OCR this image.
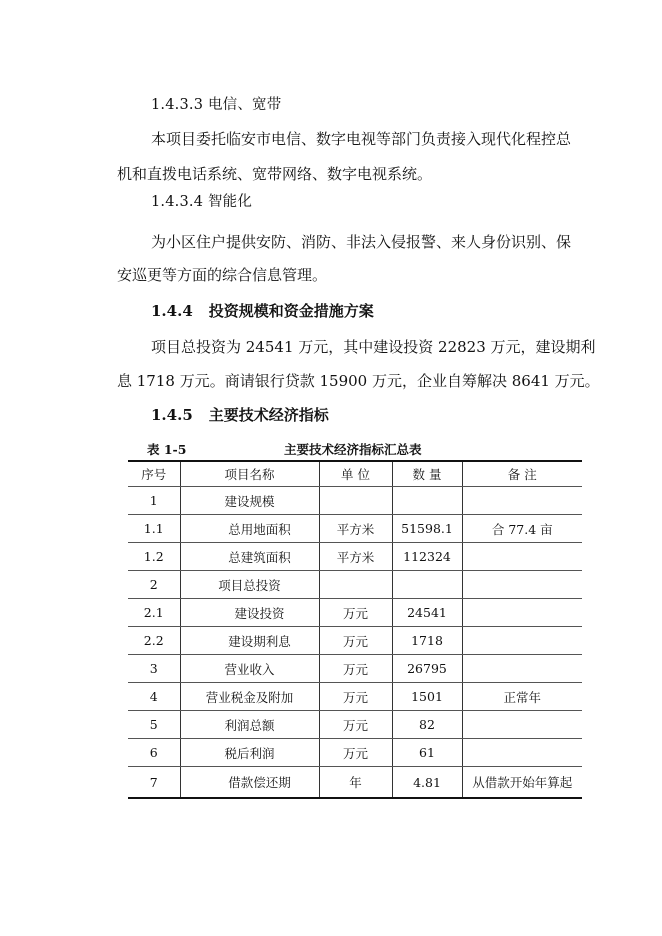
1.4.3.3 电信、宽带
本项目委托临安市电信、数字电视等部门负责接入现代化程控总
机和直拨电话系统、宽带网络、数字电视系统。
1.4.3.4 智能化
为小区住户提供安防、消防、非法入侵报警、来人身份识别、保
安巡更等方面的综合信息管理。
1.4.4 投资规模和资金措施方案
项目总投资为 24541 万元，其中建设投资 22823 万元，建设期利
息 1718 万元。商请银行贷款 15900 万元，企业自筹解决 8641 万元。
1.4.5 主要技术经济指标
表 1-5	主要技术经济指标汇总表
序号	项目名称	单 位	数 量	备 注
1	建设规模			
1.1	总用地面积	平方米	51598.1	合 77.4 亩
1.2	总建筑面积	平方米	112324	
2	项目总投资			
2.1	建设投资	万元	24541	
2.2	建设期利息	万元	1718	
3	营业收入	万元	26795	
4	营业税金及附加	万元	1501	正常年
5	利润总额	万元	82	
6	税后利润	万元	61	
7	借款偿还期	年	4.81	从借款开始年算起
